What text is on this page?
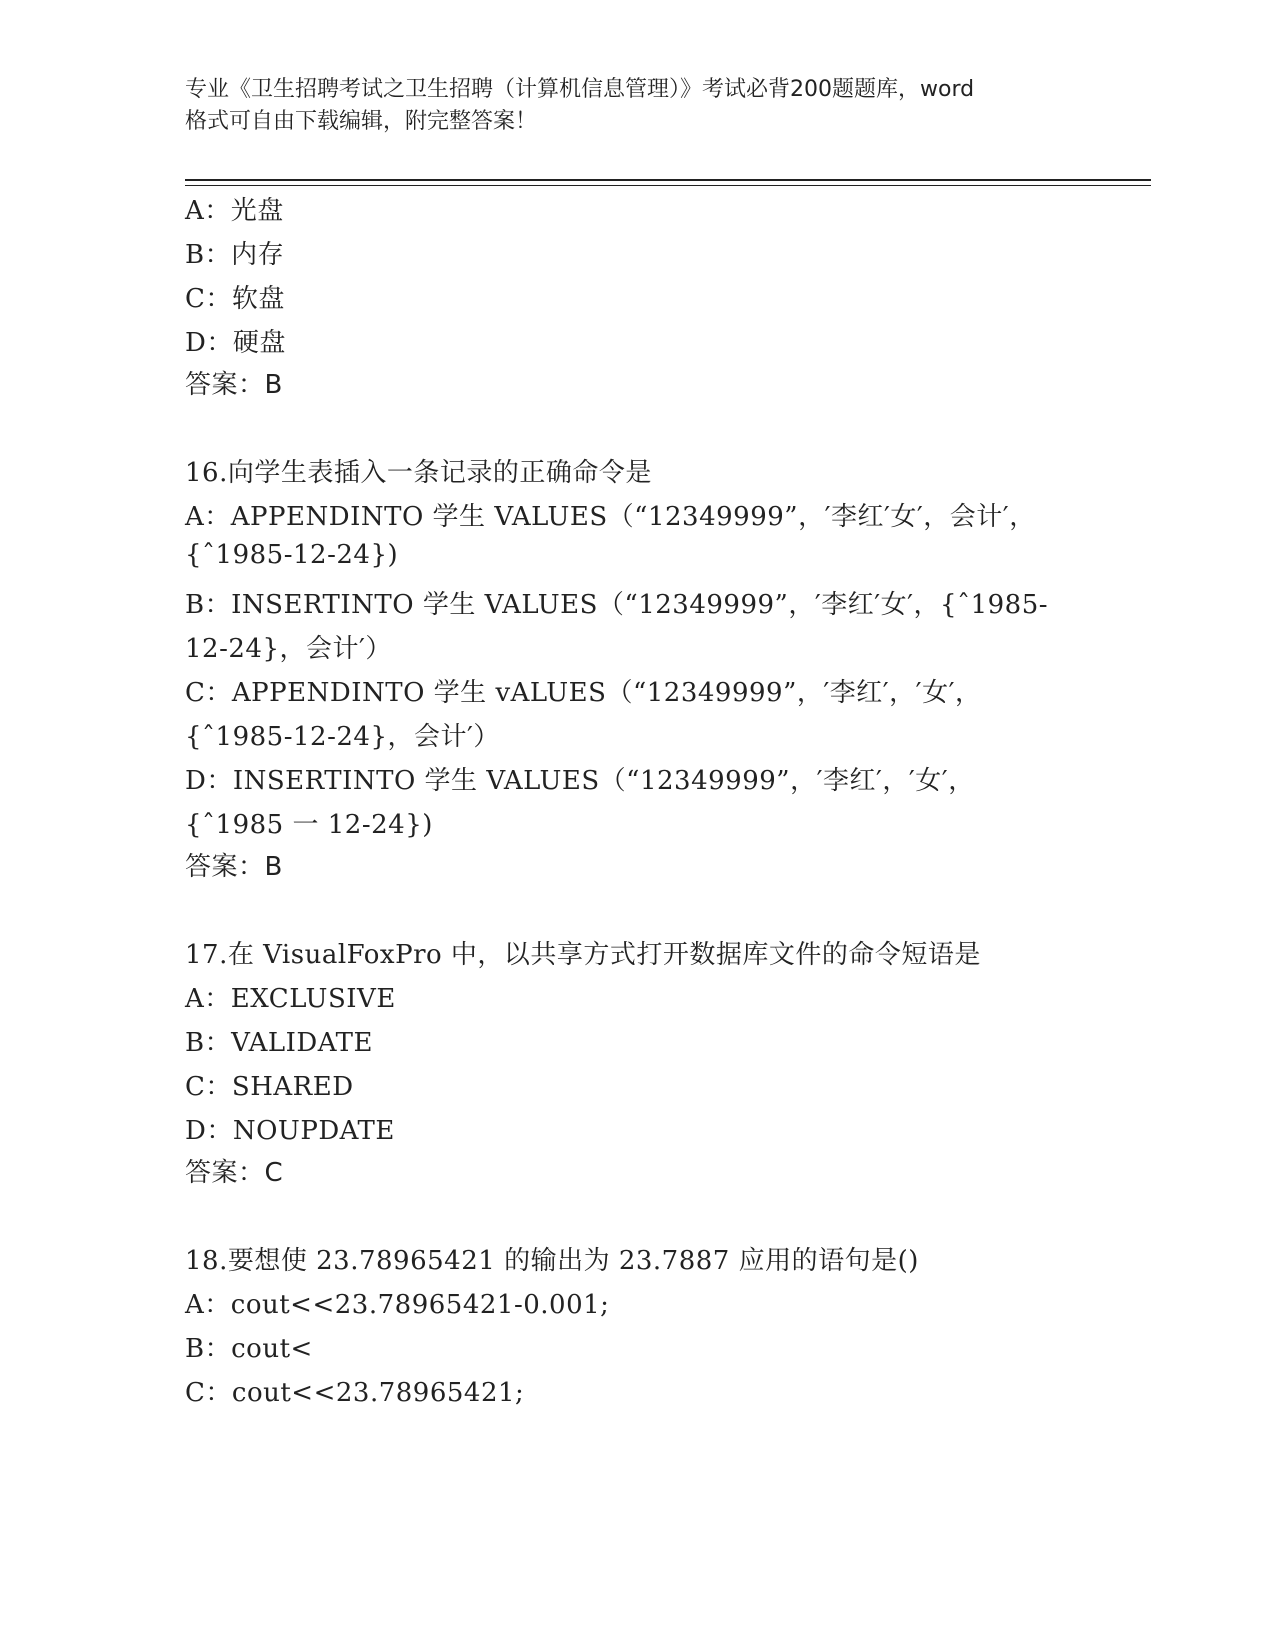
专业《卫生招聘考试之卫生招聘（计算机信息管理）》考试必背200题题库，word

格式可自由下载编辑，附完整答案！

A：光盘
B：内存
C：软盘
D：硬盘
答案：B
16.向学生表插入一条记录的正确命令是
A：APPENDINTO 学生 VALUES（“12349999”，′李红′女′，会计′，
{ˆ1985-12-24})
B：INSERTINTO 学生 VALUES（“12349999”，′李红′女′，{ˆ1985-
12-24}，会计′）
C：APPENDINTO 学生 vALUES（“12349999”，′李红′，′女′，
{ˆ1985-12-24}，会计′）
D：INSERTINTO 学生 VALUES（“12349999”，′李红′，′女′，
{ˆ1985 一 12-24})
答案：B
17.在 VisualFoxPro 中，以共享方式打开数据库文件的命令短语是
A：EXCLUSIVE
B：VALIDATE
C：SHARED
D：NOUPDATE
答案：C
18.要想使 23.78965421 的输出为 23.7887 应用的语句是()
A：cout<<23.78965421-0.001;
B：cout<
C：cout<<23.78965421;
